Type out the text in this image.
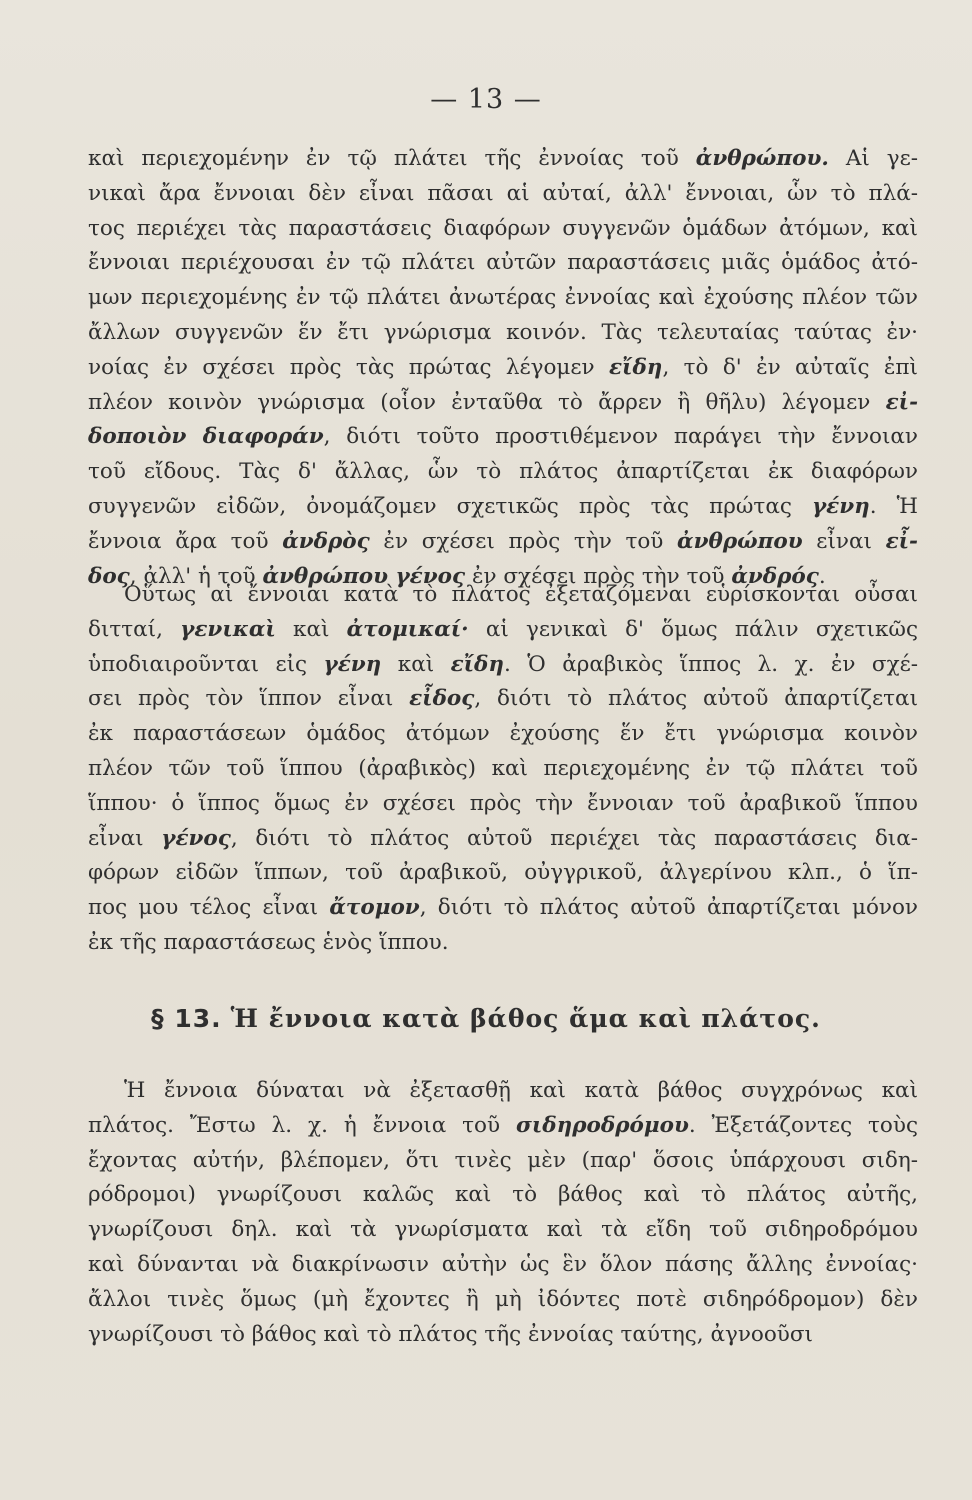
— 13 —
καὶ περιεχομένην ἐν τῷ πλάτει τῆς ἐννοίας τοῦ ἀνθρώπου. Αἱ γε-
νικαὶ ἄρα ἔννοιαι δὲν εἶναι πᾶσαι αἱ αὐταί, ἀλλ' ἔννοιαι, ὧν τὸ πλά-
τος περιέχει τὰς παραστάσεις διαφόρων συγγενῶν ὁμάδων ἀτόμων, καὶ
ἔννοιαι περιέχουσαι ἐν τῷ πλάτει αὐτῶν παραστάσεις μιᾶς ὁμάδος ἀτό-
μων περιεχομένης ἐν τῷ πλάτει ἀνωτέρας ἐννοίας καὶ ἐχούσης πλέον τῶν
ἄλλων συγγενῶν ἕν ἔτι γνώρισμα κοινόν. Τὰς τελευταίας ταύτας ἐν·
νοίας ἐν σχέσει πρὸς τὰς πρώτας λέγομεν εἴδη, τὸ δ' ἐν αὐταῖς ἐπὶ
πλέον κοινὸν γνώρισμα (οἷον ἐνταῦθα τὸ ἄρρεν ἢ θῆλυ) λέγομεν εἰ-
δοποιὸν διαφοράν, διότι τοῦτο προστιθέμενον παράγει τὴν ἔννοιαν
τοῦ εἴδους. Τὰς δ' ἄλλας, ὧν τὸ πλάτος ἀπαρτίζεται ἐκ διαφόρων
συγγενῶν εἰδῶν, ὀνομάζομεν σχετικῶς πρὸς τὰς πρώτας γένη. Ἡ
ἔννοια ἄρα τοῦ ἀνδρὸς ἐν σχέσει πρὸς τὴν τοῦ ἀνθρώπου εἶναι εἶ-
δος, ἀλλ' ἡ τοῦ ἀνθρώπου γένος ἐν σχέσει πρὸς τὴν τοῦ ἀνδρός.
Οὕτως αἱ ἔννοιαι κατὰ τὸ πλάτος ἐξεταζόμεναι εὑρίσκονται οὖσαι
διτταί, γενικαὶ καὶ ἀτομικαί· αἱ γενικαὶ δ' ὅμως πάλιν σχετικῶς
ὑποδιαιροῦνται εἰς γένη καὶ εἴδη. Ὁ ἀραβικὸς ἵππος λ. χ. ἐν σχέ-
σει πρὸς τὸν ἵππον εἶναι εἶδος, διότι τὸ πλάτος αὐτοῦ ἀπαρτίζεται
ἐκ παραστάσεων ὁμάδος ἀτόμων ἐχούσης ἕν ἔτι γνώρισμα κοινὸν
πλέον τῶν τοῦ ἵππου (ἀραβικὸς) καὶ περιεχομένης ἐν τῷ πλάτει τοῦ
ἵππου· ὁ ἵππος ὅμως ἐν σχέσει πρὸς τὴν ἔννοιαν τοῦ ἀραβικοῦ ἵππου
εἶναι γένος, διότι τὸ πλάτος αὐτοῦ περιέχει τὰς παραστάσεις δια-
φόρων εἰδῶν ἵππων, τοῦ ἀραβικοῦ, οὐγγρικοῦ, ἀλγερίνου κλπ., ὁ ἵπ-
πος μου τέλος εἶναι ἄτομον, διότι τὸ πλάτος αὐτοῦ ἀπαρτίζεται μόνον
ἐκ τῆς παραστάσεως ἑνὸς ἵππου.
§ 13. Ἡ ἔννοια κατὰ βάθος ἅμα καὶ πλάτος.
Ἡ ἔννοια δύναται νὰ ἐξετασθῇ καὶ κατὰ βάθος συγχρόνως καὶ
πλάτος. Ἔστω λ. χ. ἡ ἔννοια τοῦ σιδηροδρόμου. Ἐξετάζοντες τοὺς
ἔχοντας αὐτήν, βλέπομεν, ὅτι τινὲς μὲν (παρ' ὅσοις ὑπάρχουσι σιδη-
ρόδρομοι) γνωρίζουσι καλῶς καὶ τὸ βάθος καὶ τὸ πλάτος αὐτῆς,
γνωρίζουσι δηλ. καὶ τὰ γνωρίσματα καὶ τὰ εἴδη τοῦ σιδηροδρόμου
καὶ δύνανται νὰ διακρίνωσιν αὐτὴν ὡς ἓν ὅλον πάσης ἄλλης ἐννοίας·
ἄλλοι τινὲς ὅμως (μὴ ἔχοντες ἢ μὴ ἰδόντες ποτὲ σιδηρόδρομον) δὲν
γνωρίζουσι τὸ βάθος καὶ τὸ πλάτος τῆς ἐννοίας ταύτης, ἀγνοοῦσι
